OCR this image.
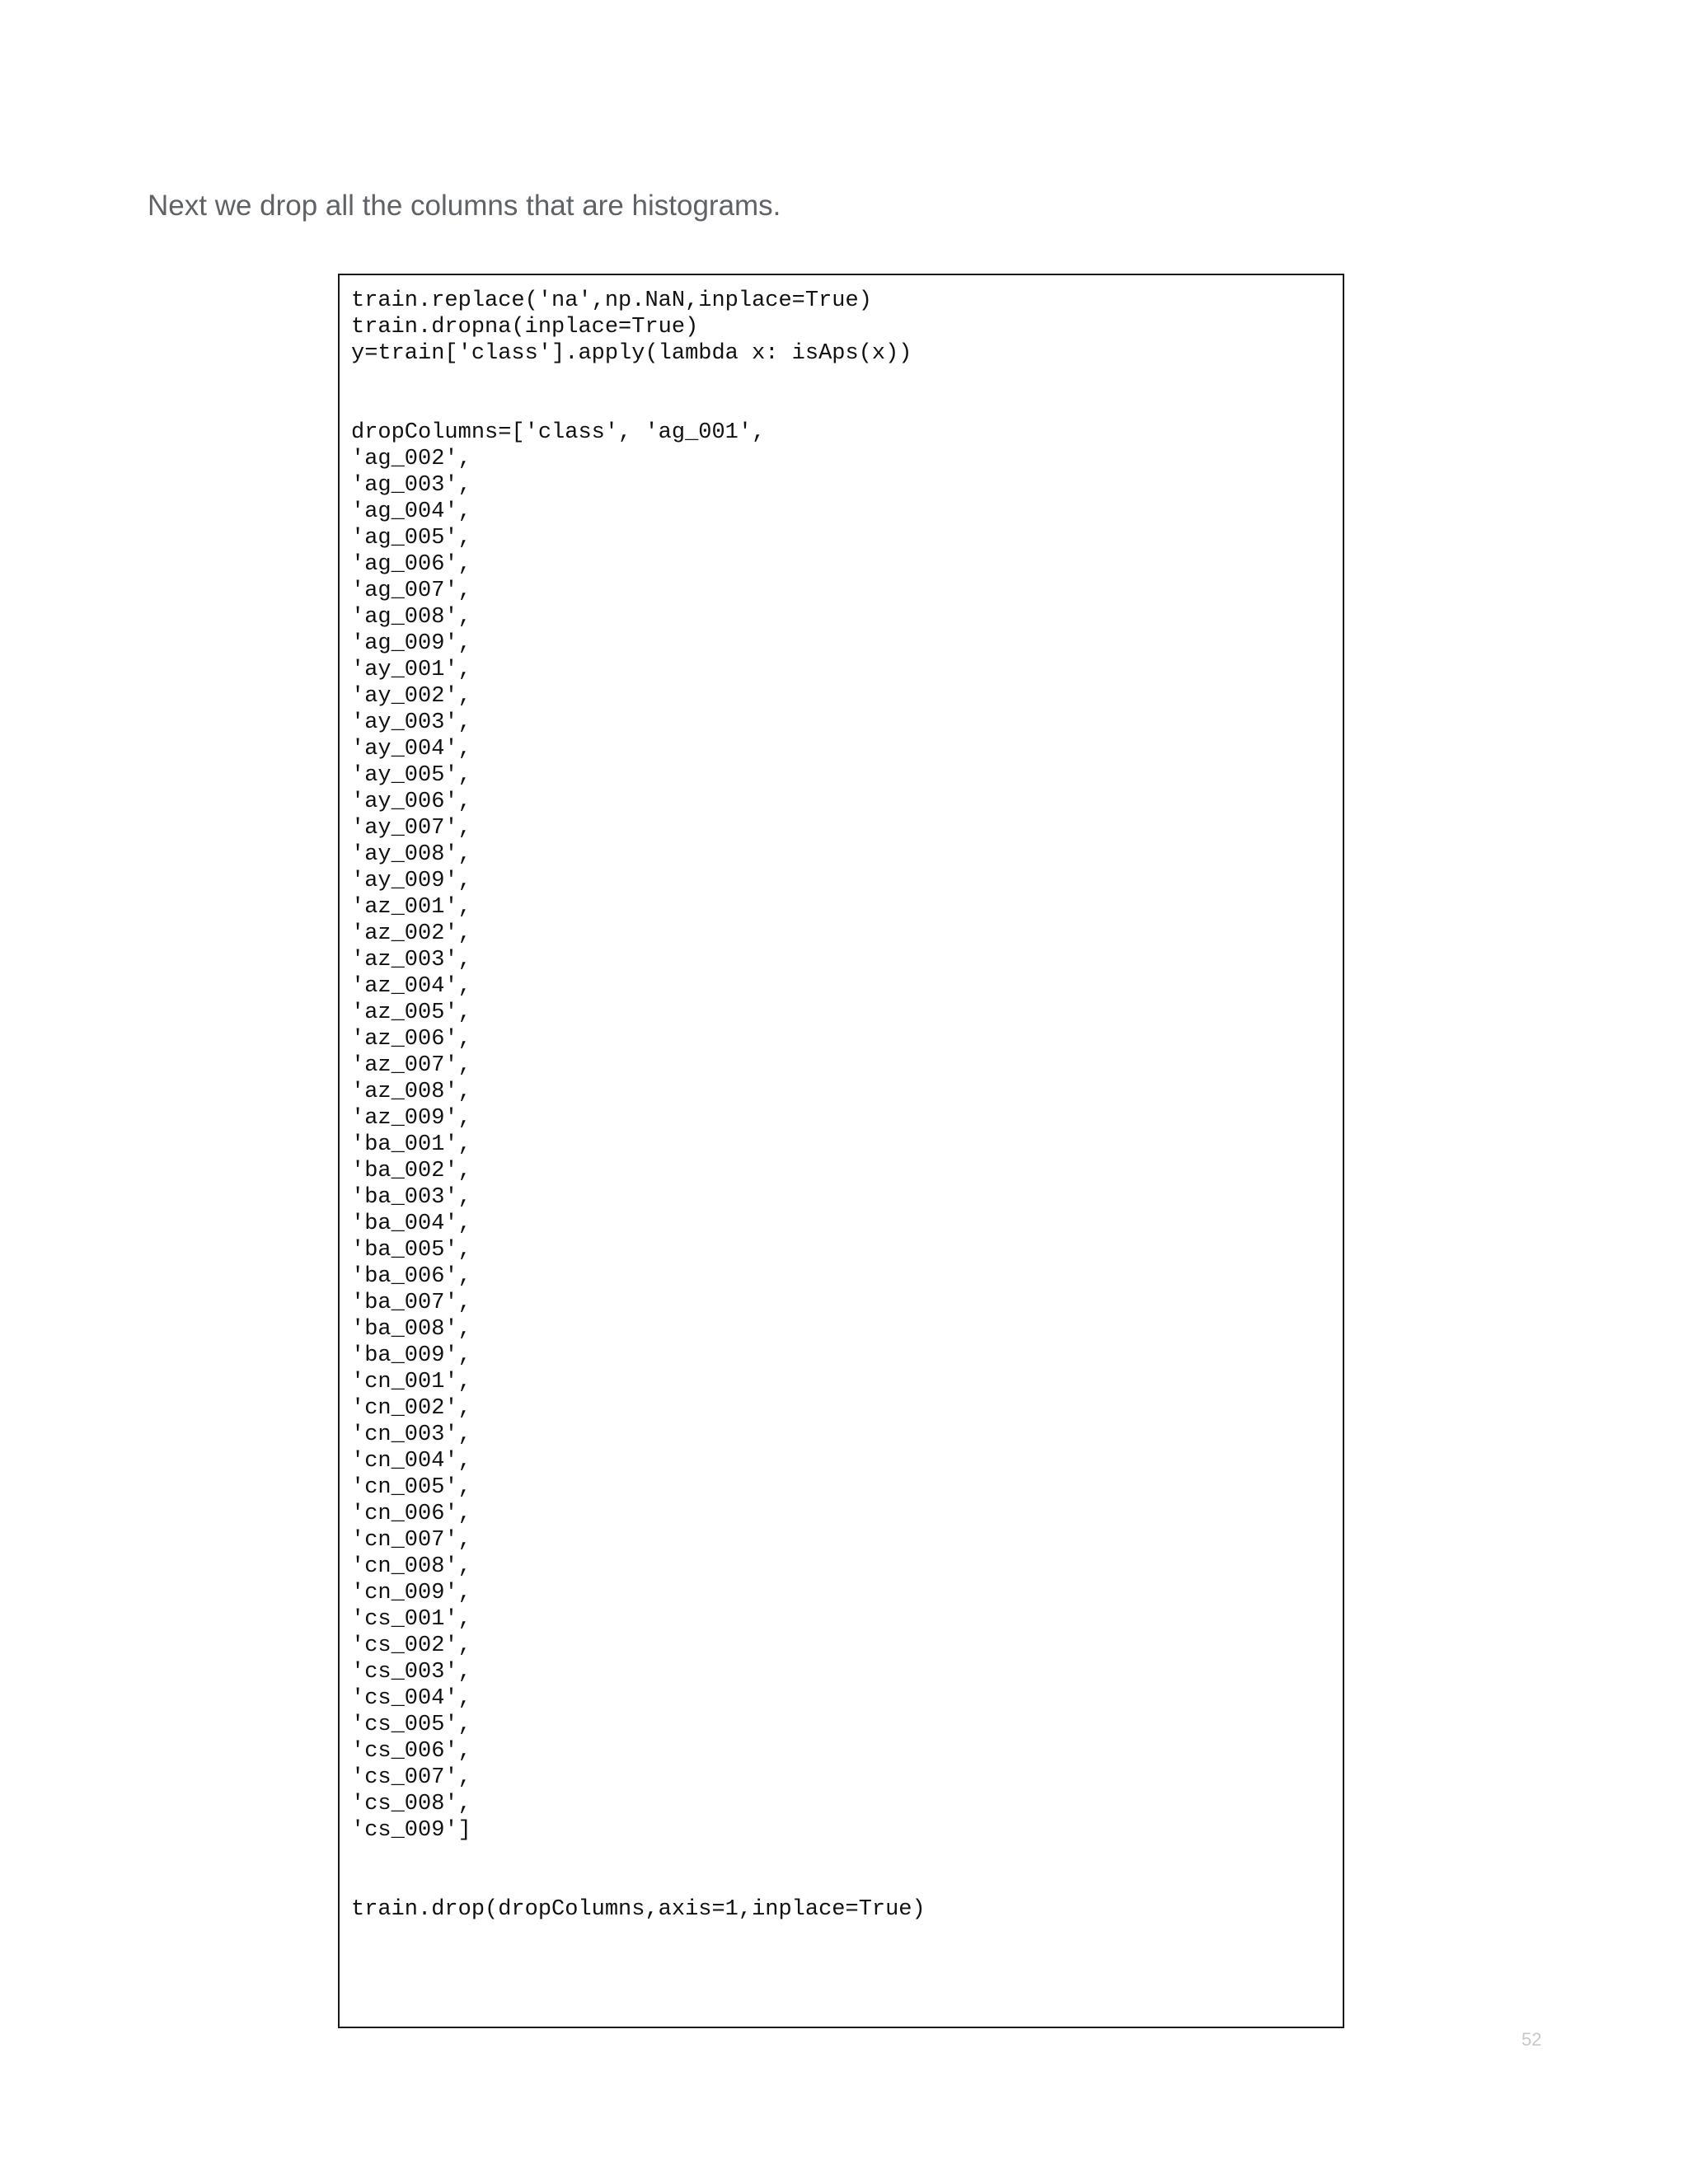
Next we drop all the columns that are histograms.

train.replace('na',np.NaN,inplace=True)
train.dropna(inplace=True)
y=train['class'].apply(lambda x: isAps(x))

dropColumns=['class', 'ag_001',
'ag_002',
'ag_003',
'ag_004',
'ag_005',
'ag_006',
'ag_007',
'ag_008',
'ag_009',
'ay_001',
'ay_002',
'ay_003',
'ay_004',
'ay_005',
'ay_006',
'ay_007',
'ay_008',
'ay_009',
'az_001',
'az_002',
'az_003',
'az_004',
'az_005',
'az_006',
'az_007',
'az_008',
'az_009',
'ba_001',
'ba_002',
'ba_003',
'ba_004',
'ba_005',
'ba_006',
'ba_007',
'ba_008',
'ba_009',
'cn_001',
'cn_002',
'cn_003',
'cn_004',
'cn_005',
'cn_006',
'cn_007',
'cn_008',
'cn_009',
'cs_001',
'cs_002',
'cs_003',
'cs_004',
'cs_005',
'cs_006',
'cs_007',
'cs_008',
'cs_009']

train.drop(dropColumns,axis=1,inplace=True)
52
